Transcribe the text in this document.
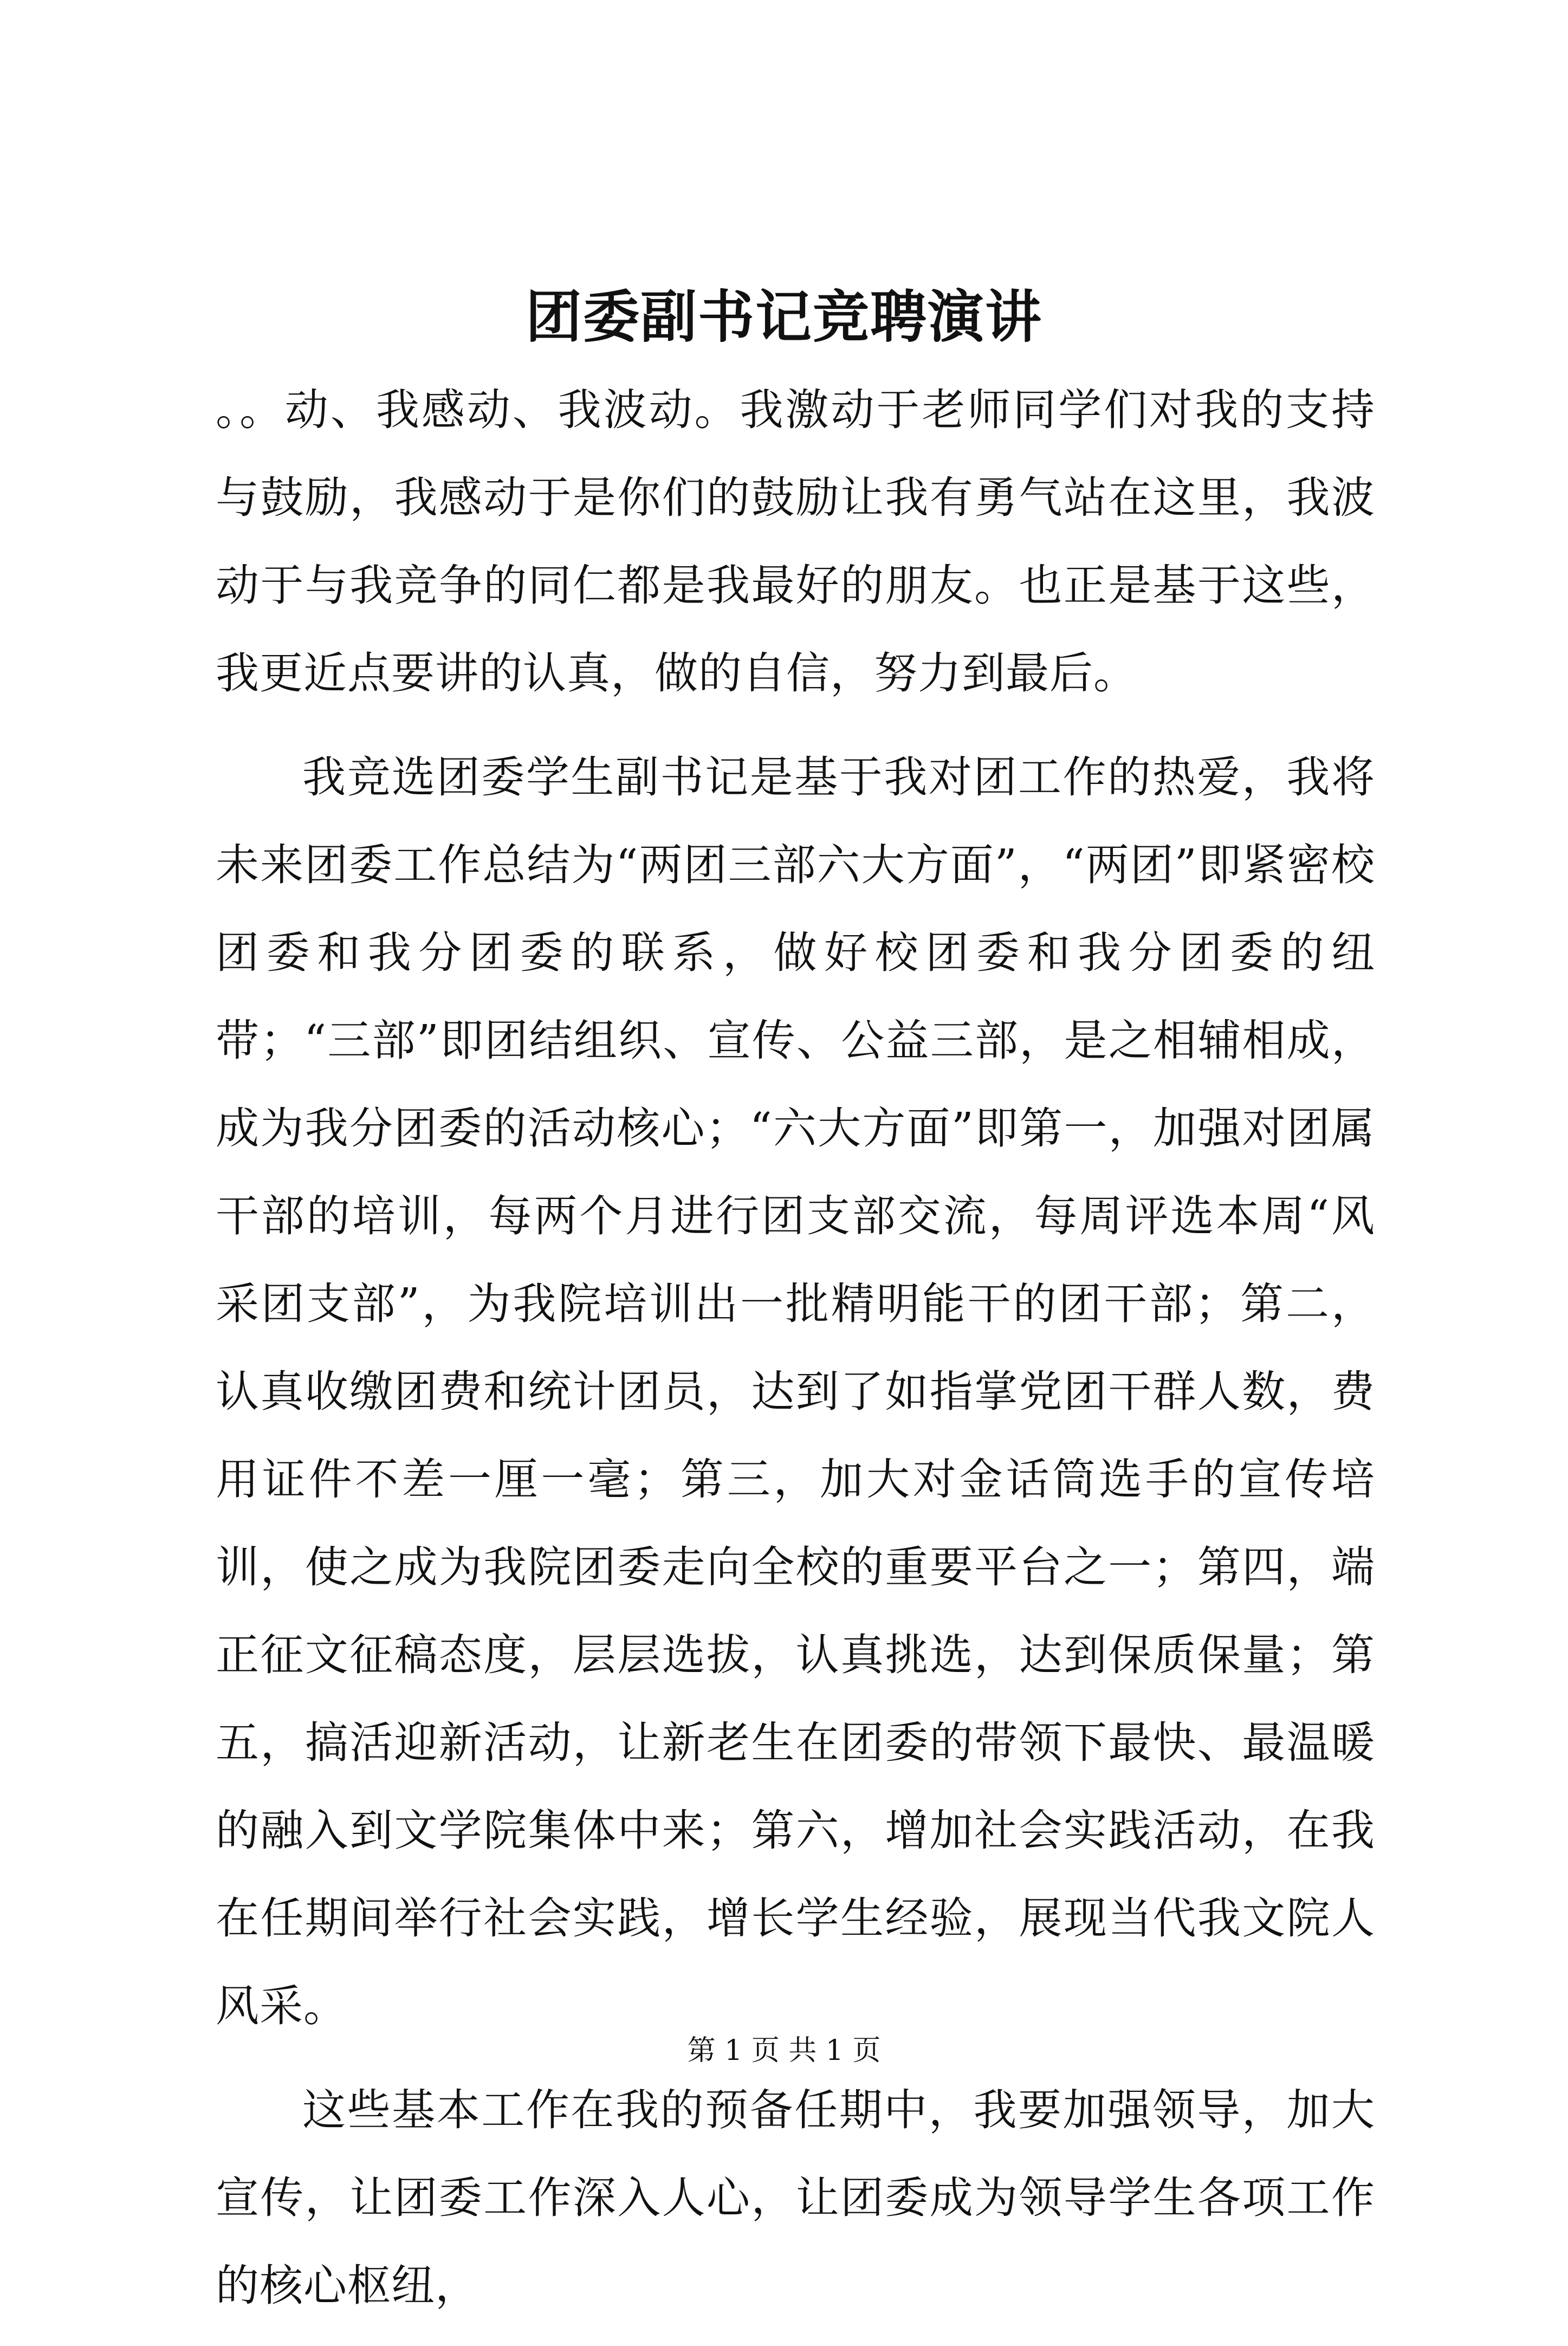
团委副书记竞聘演讲

。。动、我感动、我波动。我激动于老师同学们对我的支持与鼓励，我感动于是你们的鼓励让我有勇气站在这里，我波动于与我竞争的同仁都是我最好的朋友。也正是基于这些，我更近点要讲的认真，做的自信，努力到最后。

我竞选团委学生副书记是基于我对团工作的热爱，我将未来团委工作总结为“两团三部六大方面”，“两团”即紧密校团委和我分团委的联系，做好校团委和我分团委的纽带；“三部”即团结组织、宣传、公益三部，是之相辅相成，成为我分团委的活动核心；“六大方面”即第一，加强对团属干部的培训，每两个月进行团支部交流，每周评选本周“风采团支部”，为我院培训出一批精明能干的团干部；第二，认真收缴团费和统计团员，达到了如指掌党团干群人数，费用证件不差一厘一毫；第三，加大对金话筒选手的宣传培训，使之成为我院团委走向全校的重要平台之一；第四，端正征文征稿态度，层层选拔，认真挑选，达到保质保量；第五，搞活迎新活动，让新老生在团委的带领下最快、最温暖的融入到文学院集体中来；第六，增加社会实践活动，在我在任期间举行社会实践，增长学生经验，展现当代我文院人风采。

这些基本工作在我的预备任期中，我要加强领导，加大宣传，让团委工作深入人心，让团委成为领导学生各项工作的核心枢纽，

第 1 页 共 1 页
